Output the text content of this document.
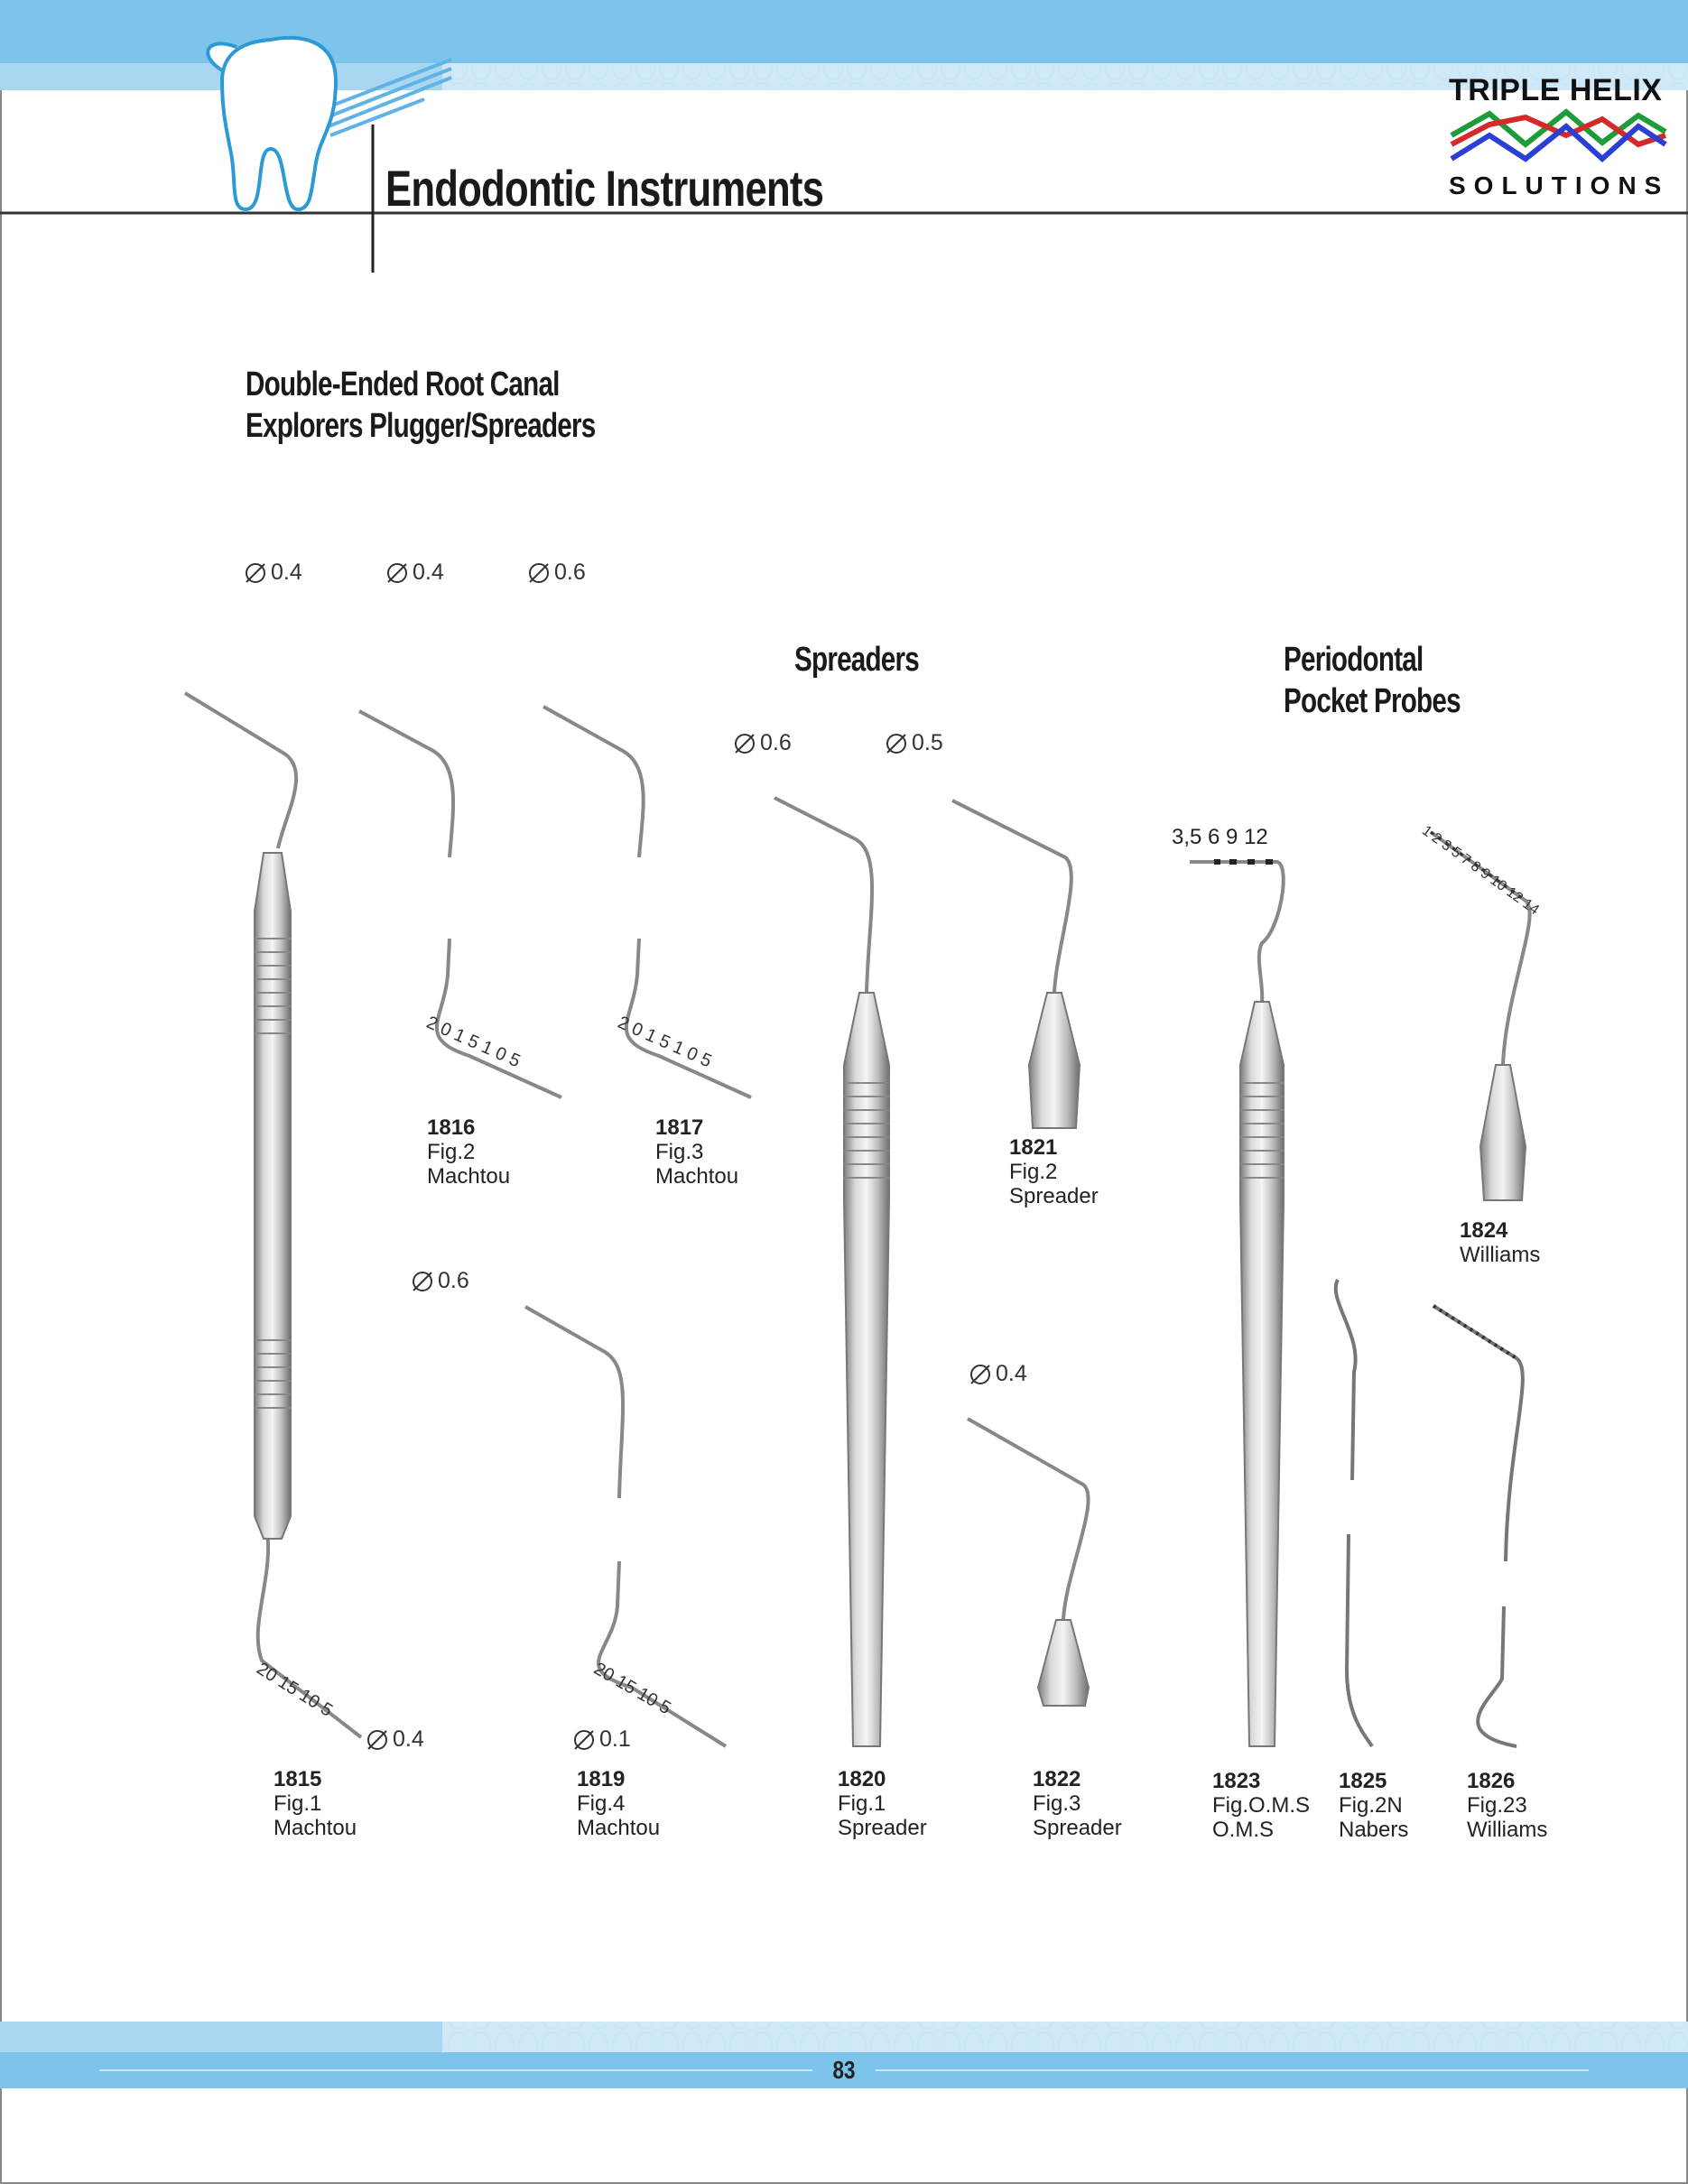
Endodontic Instruments
TRIPLE HELIX
SOLUTIONS
Double-Ended Root Canal
Explorers Plugger/Spreaders
Spreaders	Periodontal
Pocket Probes
0.4	0.4	0.6
0.6	0.5
0.6
0.4
0.4	0.1
2 0 1 5 1 0 5	2 0 1 5 1 0 5
20 15 10 5	20 15 10 5
3,5 6 9 12	1 2 3 5 7 8 9 10 12 14
1815
Fig.1
Machtou
1816
Fig.2
Machtou
1817
Fig.3
Machtou
1819
Fig.4
Machtou
1820
Fig.1
Spreader
1821
Fig.2
Spreader
1822
Fig.3
Spreader
1823
Fig.O.M.S
O.M.S
1824
Williams
1825
Fig.2N
Nabers
1826
Fig.23
Williams
83
